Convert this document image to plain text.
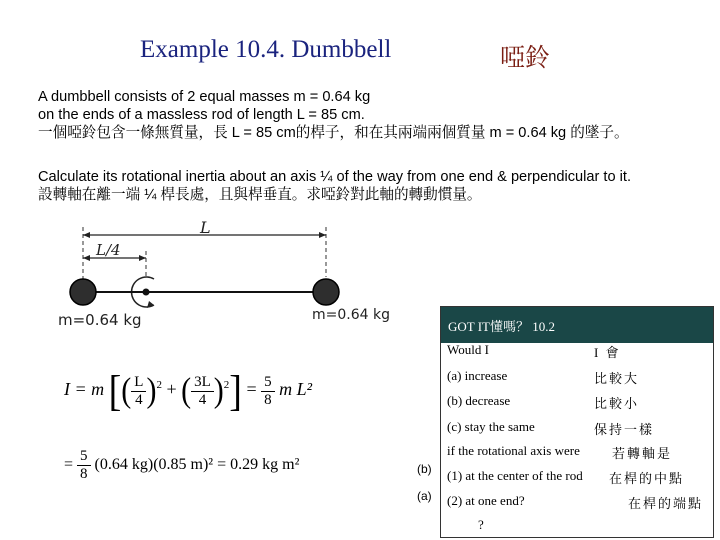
Example 10.4. Dumbbell	啞鈴
A dumbbell consists of 2 equal masses m = 0.64 kg
on the ends of a massless rod of length L = 85 cm.
一個啞鈴包含一條無質量，長 L = 85 cm的桿子，和在其兩端兩個質量 m = 0.64 kg 的墜子。
Calculate its rotational inertia about an axis ¼ of the way from one end & perpendicular to it.
設轉軸在離一端 ¼ 桿長處，且與桿垂直。求啞鈴對此軸的轉動慣量。
L
L/4
m=0.64 kg	m=0.64 kg
I = m [( $\frac{L}{4} )^2$ + ( $\frac{3L}{4} )^2] = \frac{5}{8}$ m L²
= $\frac{5}{8} (0.64$ kg)(0.85 m)² = 0.29 kg m²
GOT IT懂嗎？ 10.2
Would I	I 會
(a) increase	比較大
(b) decrease	比較小
(c) stay the same	保持一樣
if the rotational axis were 若轉軸是
(b) (1) at the center of the rod 在桿的中點
(a) (2) at one end?	在桿的端點
?
